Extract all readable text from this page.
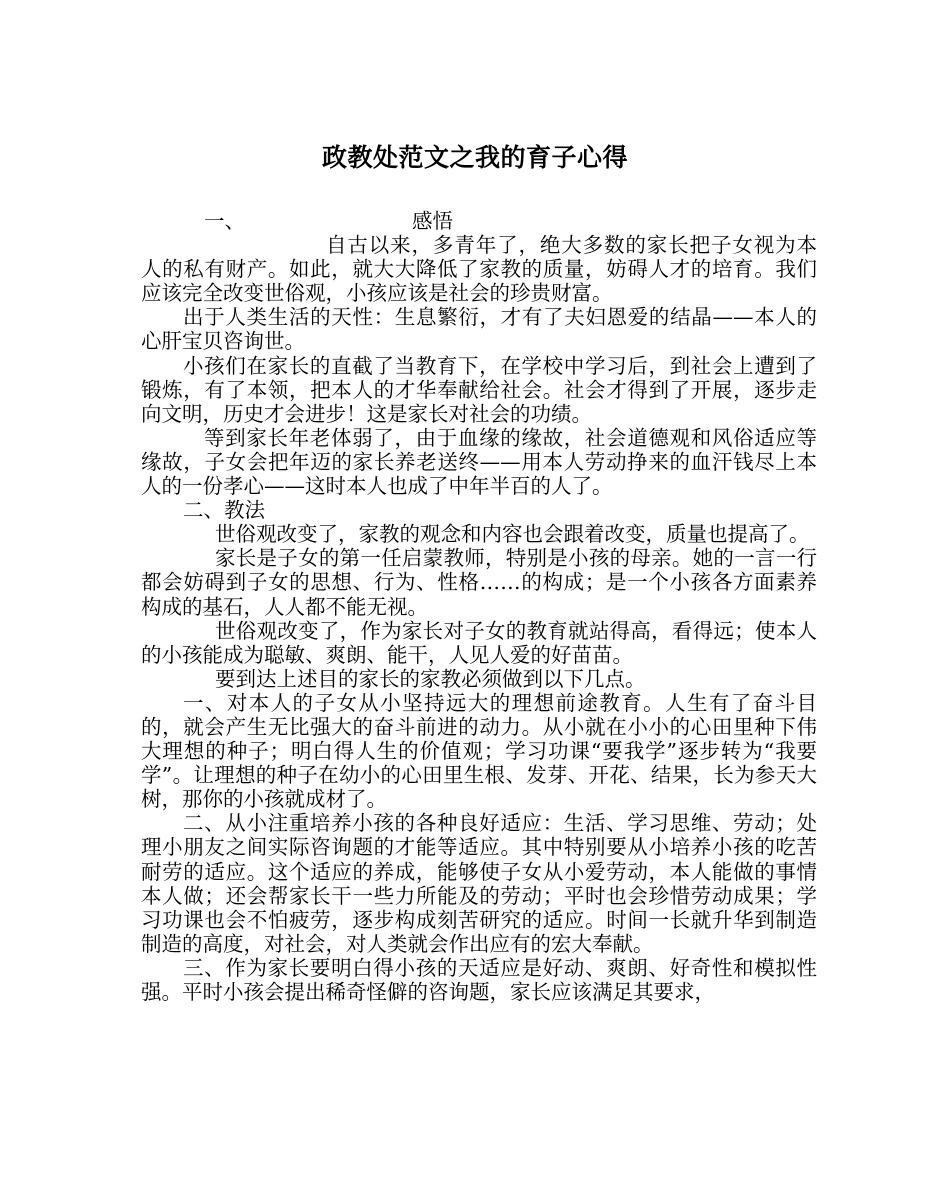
政教处范文之我的育子心得
一、	感悟

自古以来，多青年了，绝大多数的家长把子女视为本人的私有财产。如此，就大大降低了家教的质量，妨碍人才的培育。我们应该完全改变世俗观，小孩应该是社会的珍贵财富。

出于人类生活的天性：生息繁衍，才有了夫妇恩爱的结晶——本人的心肝宝贝咨询世。

小孩们在家长的直截了当教育下，在学校中学习后，到社会上遭到了锻炼，有了本领，把本人的才华奉献给社会。社会才得到了开展，逐步走向文明，历史才会进步！这是家长对社会的功绩。

等到家长年老体弱了，由于血缘的缘故，社会道德观和风俗适应等缘故，子女会把年迈的家长养老送终——用本人劳动挣来的血汗钱尽上本人的一份孝心——这时本人也成了中年半百的人了。

二、教法

世俗观改变了，家教的观念和内容也会跟着改变，质量也提高了。

家长是子女的第一任启蒙教师，特别是小孩的母亲。她的一言一行都会妨碍到子女的思想、行为、性格……的构成；是一个小孩各方面素养构成的基石，人人都不能无视。

世俗观改变了，作为家长对子女的教育就站得高，看得远；使本人的小孩能成为聪敏、爽朗、能干，人见人爱的好苗苗。

要到达上述目的家长的家教必须做到以下几点。

一、对本人的子女从小坚持远大的理想前途教育。人生有了奋斗目的，就会产生无比强大的奋斗前进的动力。从小就在小小的心田里种下伟大理想的种子；明白得人生的价值观；学习功课“要我学”逐步转为“我要学”。让理想的种子在幼小的心田里生根、发芽、开花、结果，长为参天大树，那你的小孩就成材了。

二、从小注重培养小孩的各种良好适应：生活、学习思维、劳动；处理小朋友之间实际咨询题的才能等适应。其中特别要从小培养小孩的吃苦耐劳的适应。这个适应的养成，能够使子女从小爱劳动，本人能做的事情本人做；还会帮家长干一些力所能及的劳动；平时也会珍惜劳动成果；学习功课也会不怕疲劳，逐步构成刻苦研究的适应。时间一长就升华到制造制造的高度，对社会，对人类就会作出应有的宏大奉献。

三、作为家长要明白得小孩的天适应是好动、爽朗、好奇性和模拟性强。平时小孩会提出稀奇怪僻的咨询题，家长应该满足其要求，
